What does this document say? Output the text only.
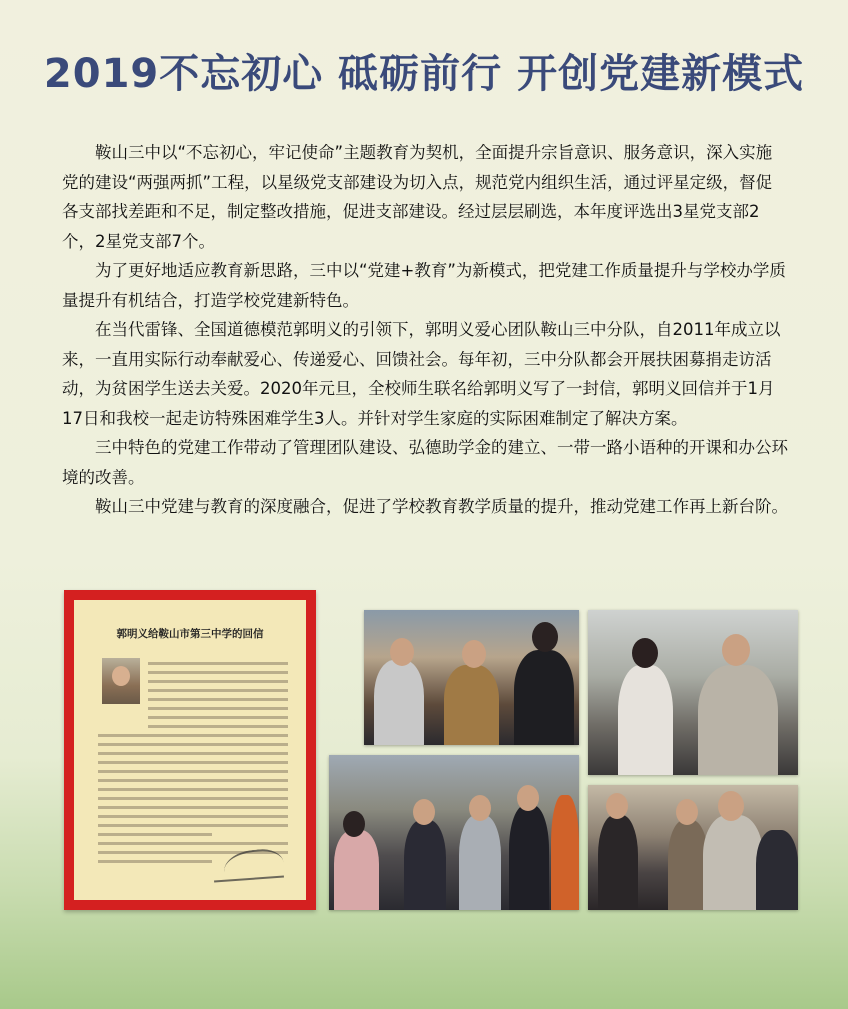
2019不忘初心 砥砺前行 开创党建新模式

鞍山三中以“不忘初心，牢记使命”主题教育为契机，全面提升宗旨意识、服务意识，深入实施党的建设“两强两抓”工程，以星级党支部建设为切入点，规范党内组织生活，通过评星定级，督促各支部找差距和不足，制定整改措施，促进支部建设。经过层层刷选，本年度评选出3星党支部2个，2星党支部7个。

为了更好地适应教育新思路，三中以“党建+教育”为新模式，把党建工作质量提升与学校办学质量提升有机结合，打造学校党建新特色。

在当代雷锋、全国道德模范郭明义的引领下，郭明义爱心团队鞍山三中分队，自2011年成立以来，一直用实际行动奉献爱心、传递爱心、回馈社会。每年初，三中分队都会开展扶困募捐走访活动，为贫困学生送去关爱。2020年元旦，全校师生联名给郭明义写了一封信，郭明义回信并于1月17日和我校一起走访特殊困难学生3人。并针对学生家庭的实际困难制定了解决方案。

三中特色的党建工作带动了管理团队建设、弘德助学金的建立、一带一路小语种的开课和办公环境的改善。

鞍山三中党建与教育的深度融合，促进了学校教育教学质量的提升，推动党建工作再上新台阶。

郭明义给鞍山市第三中学的回信
